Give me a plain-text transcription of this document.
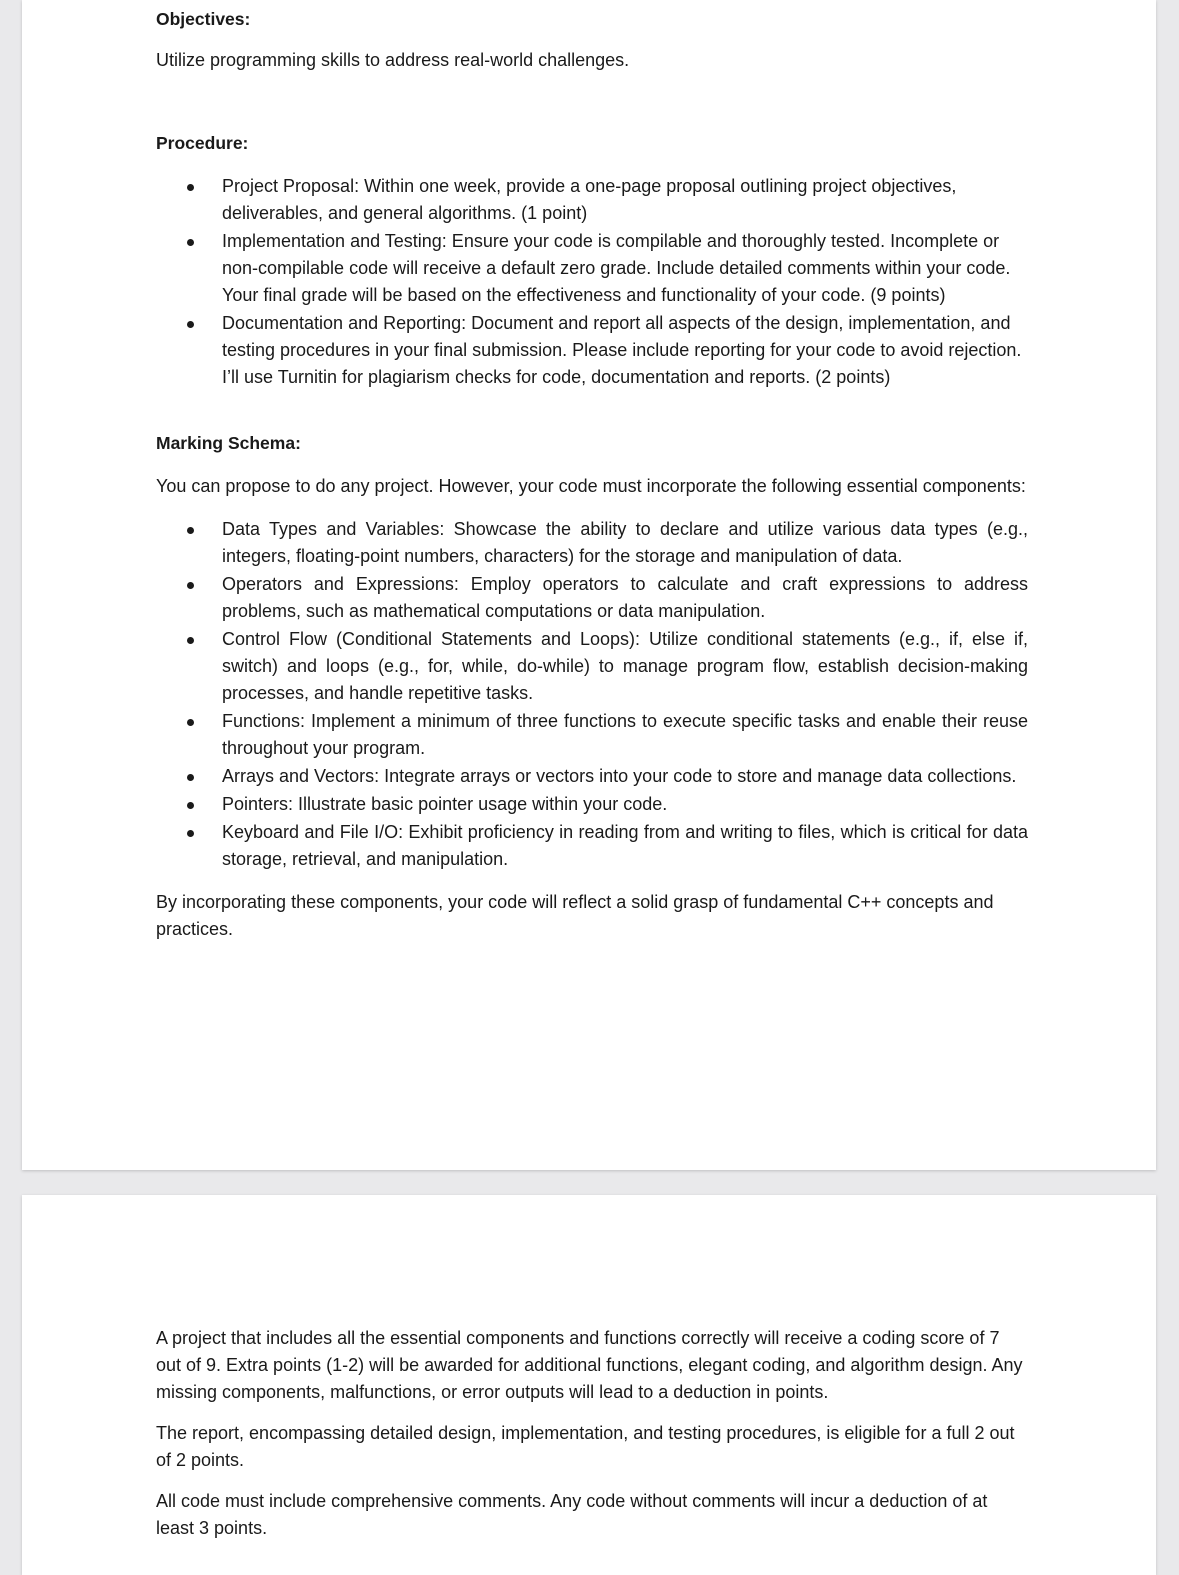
Objectives:

Utilize programming skills to address real-world challenges.

Procedure:

Project Proposal: Within one week, provide a one-page proposal outlining project objectives, deliverables, and general algorithms. (1 point)
Implementation and Testing: Ensure your code is compilable and thoroughly tested. Incomplete or non-compilable code will receive a default zero grade. Include detailed comments within your code. Your final grade will be based on the effectiveness and functionality of your code. (9 points)
Documentation and Reporting: Document and report all aspects of the design, implementation, and testing procedures in your final submission. Please include reporting for your code to avoid rejection. I’ll use Turnitin for plagiarism checks for code, documentation and reports. (2 points)

Marking Schema:

You can propose to do any project. However, your code must incorporate the following essential components:

Data Types and Variables: Showcase the ability to declare and utilize various data types (e.g., integers, floating-point numbers, characters) for the storage and manipulation of data.
Operators and Expressions: Employ operators to calculate and craft expressions to address problems, such as mathematical computations or data manipulation.
Control Flow (Conditional Statements and Loops): Utilize conditional statements (e.g., if, else if, switch) and loops (e.g., for, while, do-while) to manage program flow, establish decision-making processes, and handle repetitive tasks.
Functions: Implement a minimum of three functions to execute specific tasks and enable their reuse throughout your program.
Arrays and Vectors: Integrate arrays or vectors into your code to store and manage data collections.
Pointers: Illustrate basic pointer usage within your code.
Keyboard and File I/O: Exhibit proficiency in reading from and writing to files, which is critical for data storage, retrieval, and manipulation.

By incorporating these components, your code will reflect a solid grasp of fundamental C++ concepts and practices.

A project that includes all the essential components and functions correctly will receive a coding score of 7 out of 9. Extra points (1-2) will be awarded for additional functions, elegant coding, and algorithm design. Any missing components, malfunctions, or error outputs will lead to a deduction in points.

The report, encompassing detailed design, implementation, and testing procedures, is eligible for a full 2 out of 2 points.

All code must include comprehensive comments. Any code without comments will incur a deduction of at least 3 points.
